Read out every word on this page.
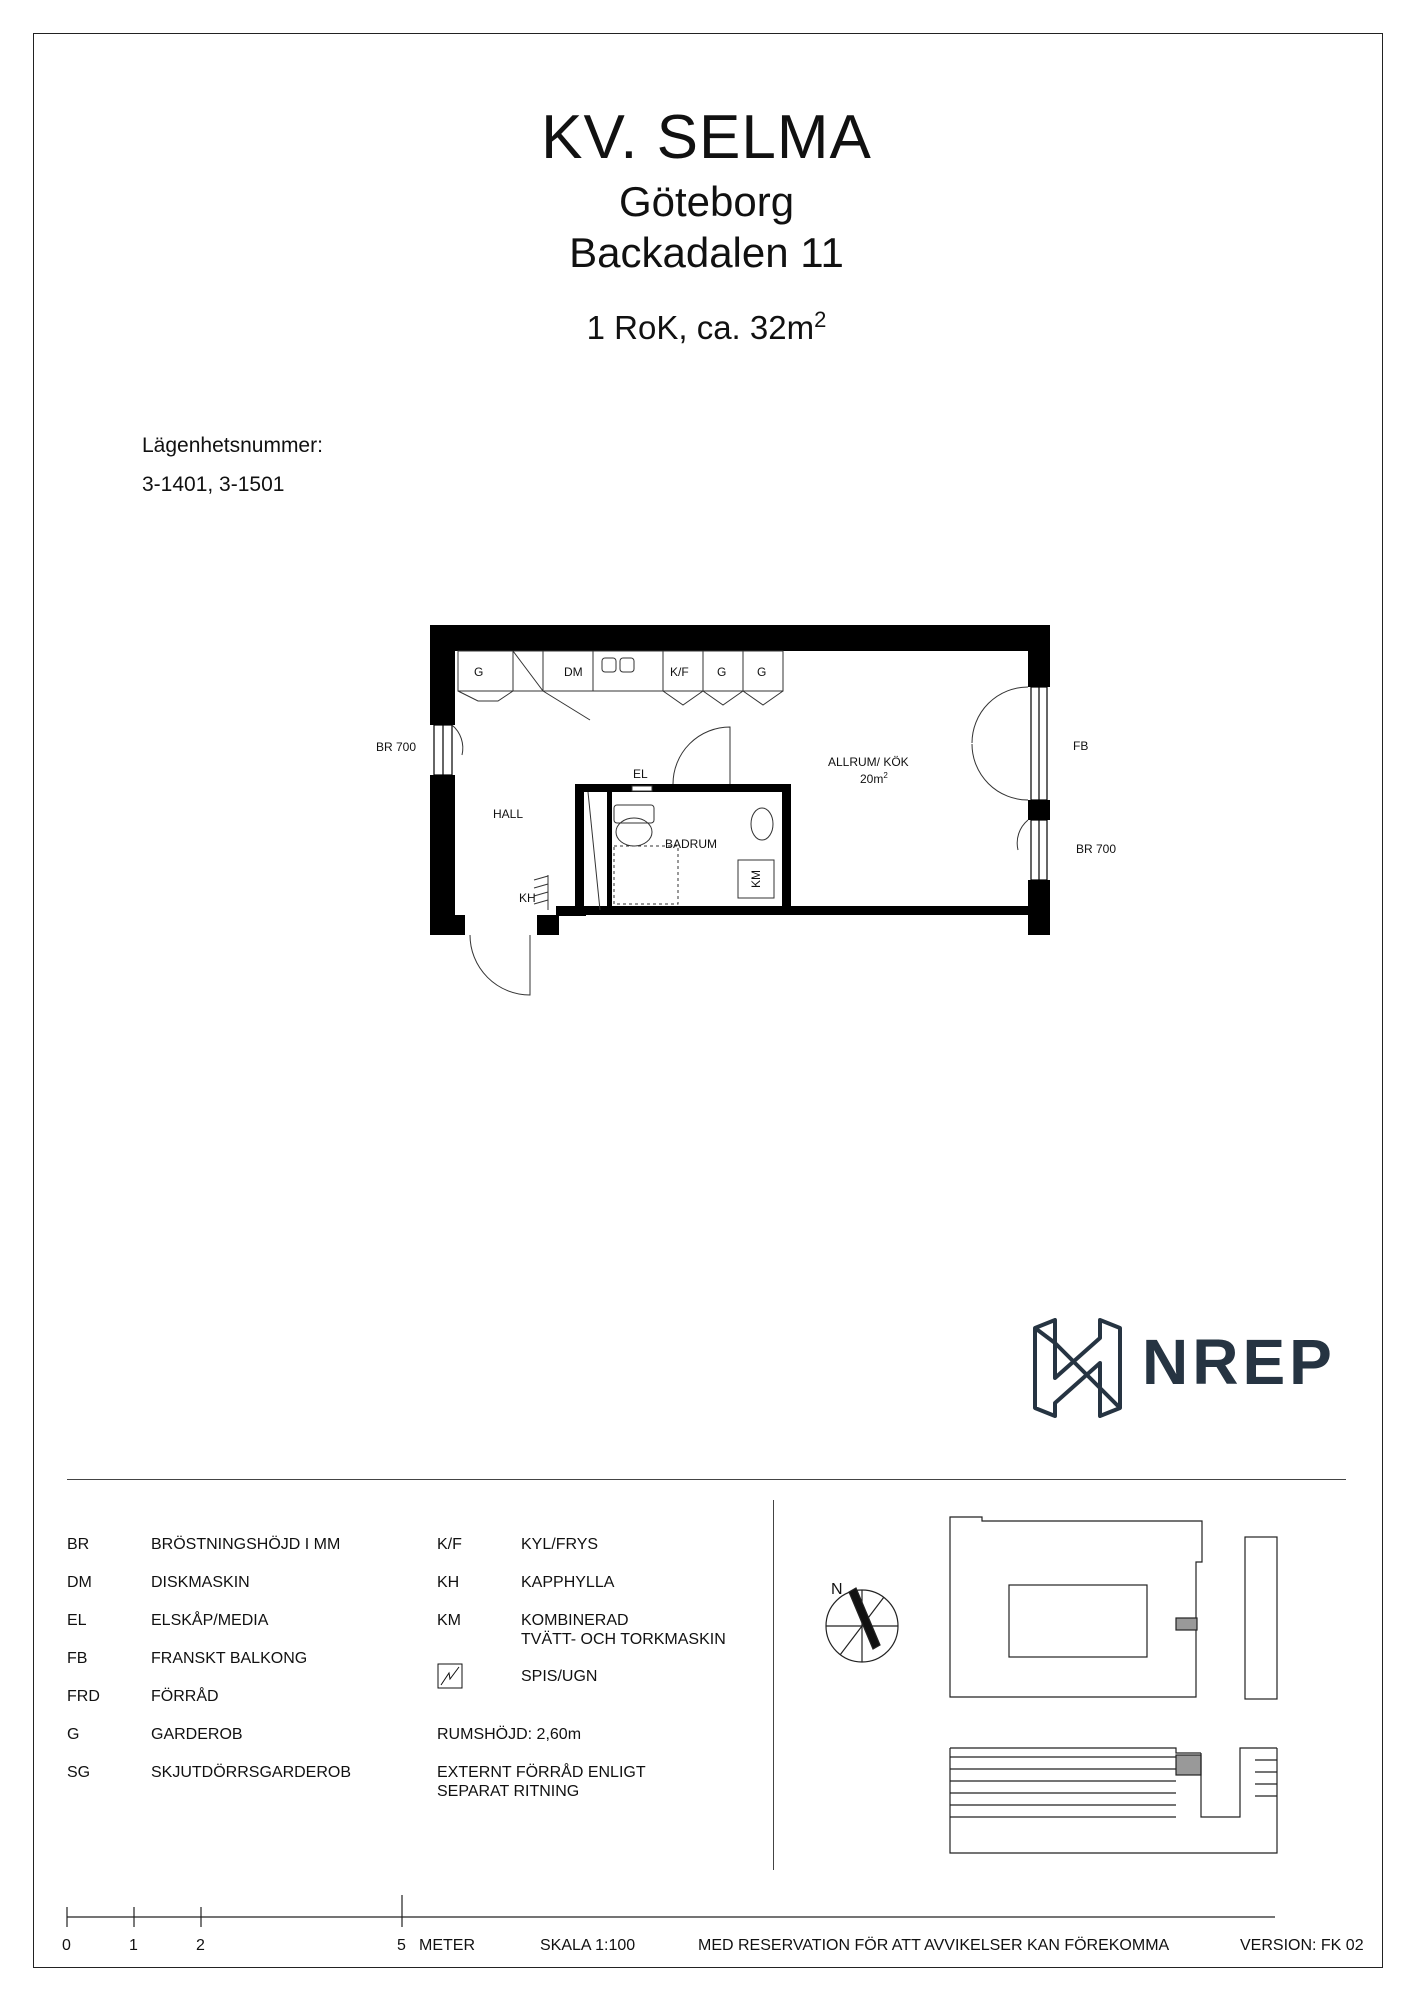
KV. SELMA
Göteborg
Backadalen 11
1 RoK, ca. $32m^2$
Lägenhetsnummer:
3-1401, 3-1501
BR 700	FB
BR 700
G	DM	K/F G	G
EL
HALL
KH
BADRUM
KM
ALLRUM/ KÖK
$20m^2$
NREP
BR	BRÖSTNINGSHÖJD I MM
DM	DISKMASKIN
EL	ELSKÅP/MEDIA
FB	FRANSKT BALKONG
FRD	FÖRRÅD
G	GARDEROB
SG	SKJUTDÖRRSGARDEROB
K/F	KYL/FRYS
KH	KAPPHYLLA
KM	KOMBINERAD
TVÄTT- OCH TORKMASKIN
SPIS/UGN
RUMSHÖJD: 2,60m
EXTERNT FÖRRÅD ENLIGT
SEPARAT RITNING
N
0	1	2	5 METER	SKALA 1:100	MED RESERVATION FÖR ATT AVVIKELSER KAN FÖREKOMMA	VERSION: FK 02
